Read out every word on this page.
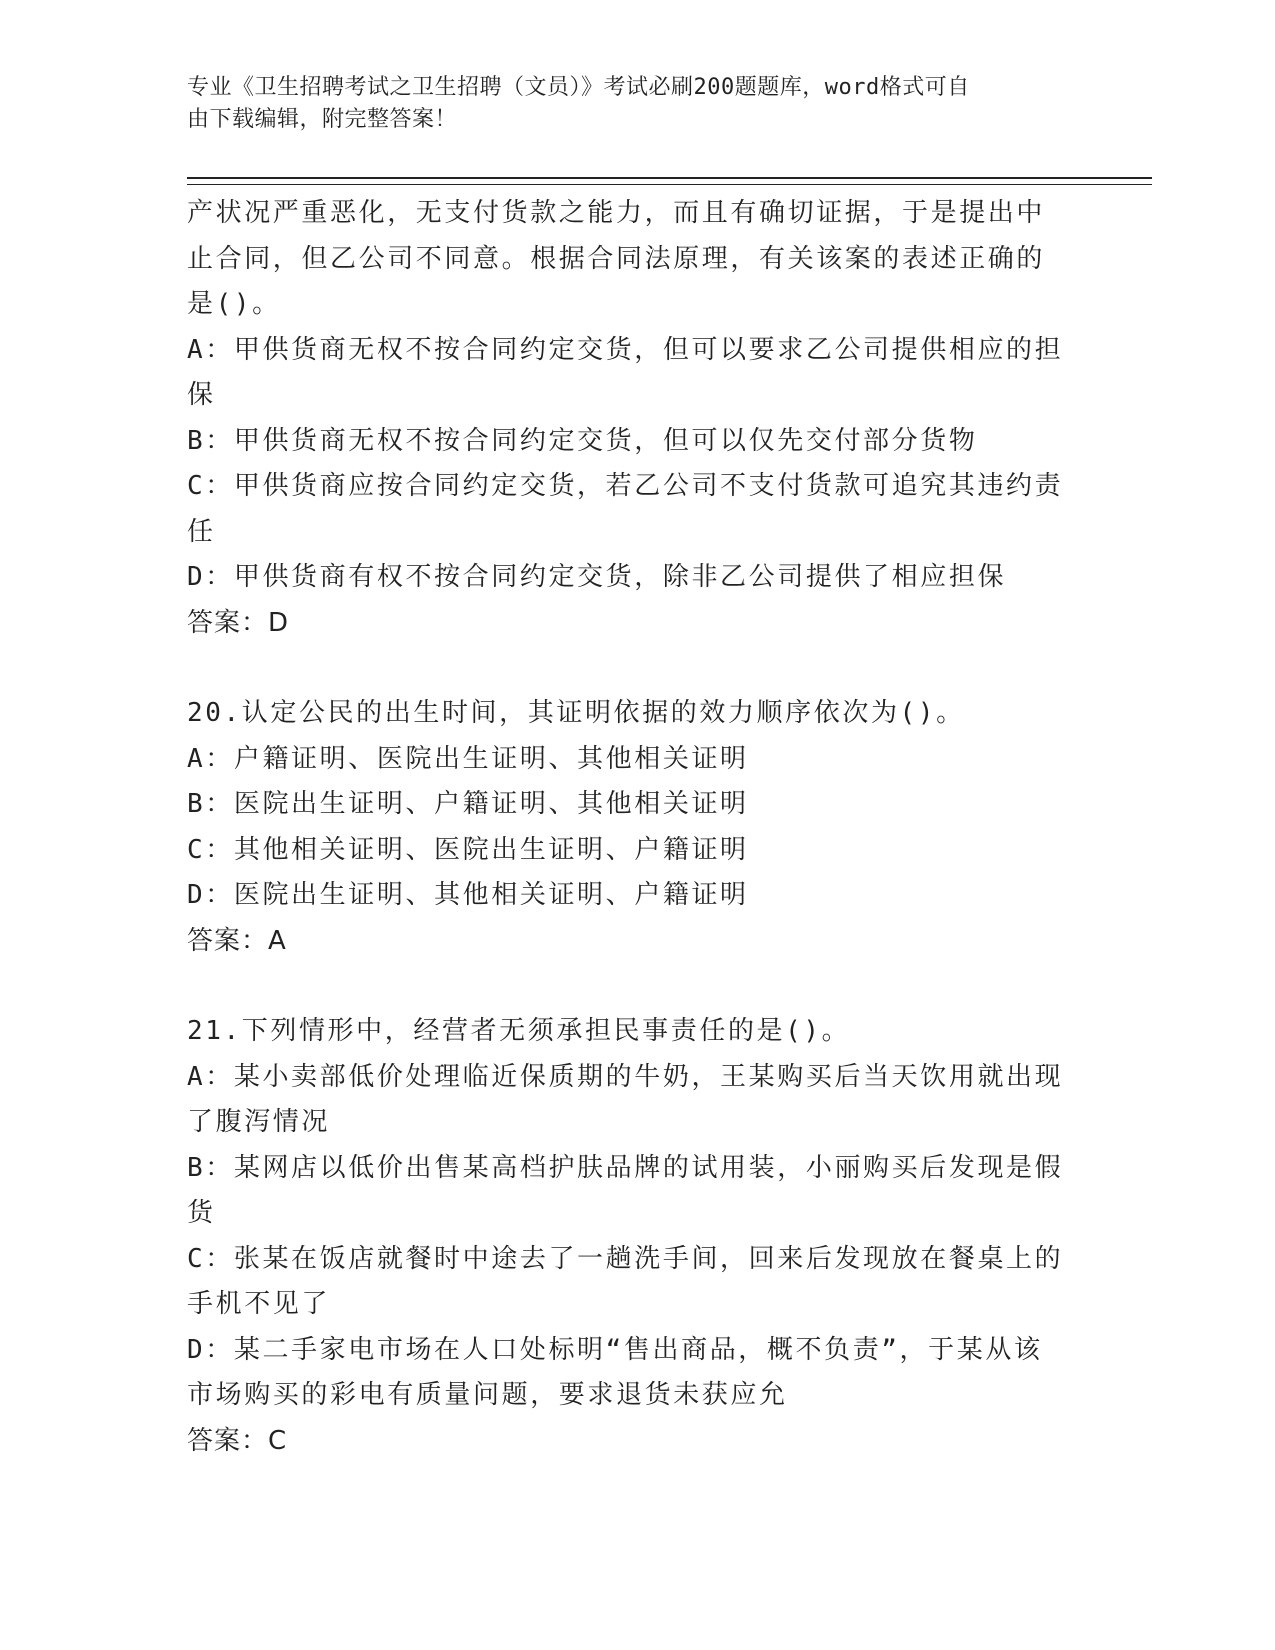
专业《卫生招聘考试之卫生招聘（文员）》考试必刷200题题库，word格式可自
由下载编辑，附完整答案！
产状况严重恶化，无支付货款之能力，而且有确切证据，于是提出中
止合同，但乙公司不同意。根据合同法原理，有关该案的表述正确的
是()。
A：甲供货商无权不按合同约定交货，但可以要求乙公司提供相应的担
保
B：甲供货商无权不按合同约定交货，但可以仅先交付部分货物
C：甲供货商应按合同约定交货，若乙公司不支付货款可追究其违约责
任
D：甲供货商有权不按合同约定交货，除非乙公司提供了相应担保
答案：D
20.认定公民的出生时间，其证明依据的效力顺序依次为()。
A：户籍证明、医院出生证明、其他相关证明
B：医院出生证明、户籍证明、其他相关证明
C：其他相关证明、医院出生证明、户籍证明
D：医院出生证明、其他相关证明、户籍证明
答案：A
21.下列情形中，经营者无须承担民事责任的是()。
A：某小卖部低价处理临近保质期的牛奶，王某购买后当天饮用就出现
了腹泻情况
B：某网店以低价出售某高档护肤品牌的试用装，小丽购买后发现是假
货
C：张某在饭店就餐时中途去了一趟洗手间，回来后发现放在餐桌上的
手机不见了
D：某二手家电市场在人口处标明“售出商品，概不负责”，于某从该
市场购买的彩电有质量问题，要求退货未获应允
答案：C
